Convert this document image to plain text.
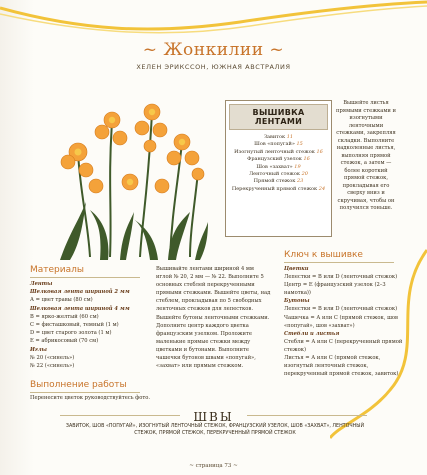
~ Жонкилии ~
ХЕЛЕН ЭРИКССОН, ЮЖНАЯ АВСТРАЛИЯ
ВЫШИВКА ЛЕНТАМИ
Завиток 11
Шов «попугай» 15
Изогнутый ленточный стежок 16
Французский узелок 16
Шов «захват» 19
Ленточный стежок 20
Прямой стежок 23
Перекрученный прямой стежок 24
Вышейте листья прямыми стежками и изогнутыми ленточными стежками, закрепляя складки. Выполните надколенные листья, выполняя прямой стежок, а затем — более короткий прямой стежок, прокладывая его сверху вниз и скручивая, чтобы он получился тоньше.
Материалы
Ленты
Шелковая лента шириной 2 мм
А = цвет травы (80 см)
Шелковая лента шириной 4 мм
В = ярко-желтый (60 см)
С = фисташковый, темный (1 м)
D = цвет старого золота (1 м)
Е = абрикосовый (70 см)
Иглы
№ 20 («синель»)
№ 22 («синель»)
Выполнение работы
Перенесите цветок руководствуйтесь фото.
Вышивайте лентами шириной 4 мм иглой № 20, 2 мм — № 22. Выполните 5 основных стеблей перекрученными прямыми стежками. Вышейте цветы, над стеблем, прокладывая по 5 свободных ленточных стежков для лепестков. Вышейте бутоны ленточными стежками. Дополните центр каждого цветка французским узелком. Проложите маленькие прямые стежки между цветками и бутонами. Выполните чашечки бутонов швами «попугай», «захват» или прямым стежком.
Ключ к вышивке
Цветки
Лепестки = В или D (ленточный стежок)
Центр = E (французский узелок (2–3 намотка))
Бутоны
Лепестки = В или D (ленточный стежок)
Чашечка = А или С (прямой стежок, шов «попугай», шов «захват»)
Стебли и листья
Стебли = А или С (перекрученный прямой стежок)
Листья = А или С (прямой стежок, изогнутый ленточный стежок, перекрученный прямой стежок, завиток)
ШВЫ
ЗАВИТОК, ШОВ «ПОПУГАЙ», ИЗОГНУТЫЙ ЛЕНТОЧНЫЙ СТЕЖОК, ФРАНЦУЗСКИЙ УЗЕЛОК, ШОВ «ЗАХВАТ», ЛЕНТОЧНЫЙ СТЕЖОК, ПРЯМОЙ СТЕЖОК, ПЕРЕКРУЧЕННЫЙ ПРЯМОЙ СТЕЖОК
~ страница 73 ~
